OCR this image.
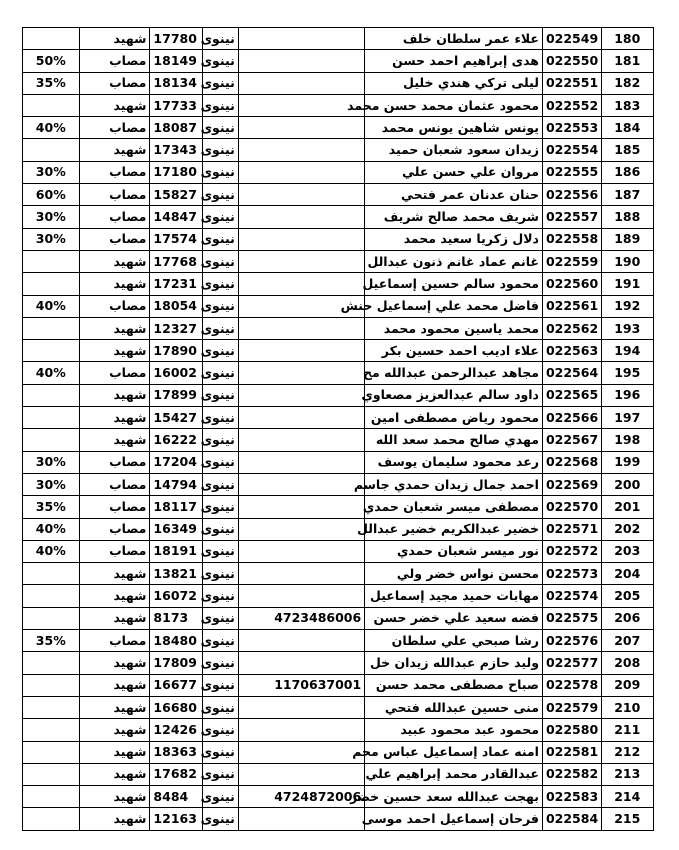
	شهيد	17780	نينوى		علاء عمر سلطان خلف	022549	180
50%	مصاب	18149	نينوى		هدى إبراهيم احمد حسن	022550	181
35%	مصاب	18134	نينوى		ليلى تركي هندي خليل	022551	182
	شهيد	17733	نينوى		محمود عثمان محمد حسن محمد	022552	183
40%	مصاب	18087	نينوى		يونس شاهين يونس محمد	022553	184
	شهيد	17343	نينوى		زيدان سعود شعبان حميد	022554	185
30%	مصاب	17180	نينوى		مروان علي حسن علي	022555	186
60%	مصاب	15827	نينوى		حنان عدنان عمر فتحي	022556	187
30%	مصاب	14847	نينوى		شريف محمد صالح شريف	022557	188
30%	مصاب	17574	نينوى		دلال زكريا سعيد محمد	022558	189
	شهيد	17768	نينوى		غانم عماد غانم ذنون عبدالل	022559	190
	شهيد	17231	نينوى		محمود سالم حسين إسماعيل	022560	191
40%	مصاب	18054	نينوى		فاضل محمد علي إسماعيل حنش	022561	192
	شهيد	12327	نينوى		محمد ياسين محمود محمد	022562	193
	شهيد	17890	نينوى		علاء اديب احمد حسين بكر	022563	194
40%	مصاب	16002	نينوى		مجاهد عبدالرحمن عبدالله مح	022564	195
	شهيد	17899	نينوى		داود سالم عبدالعزيز مصعاوي	022565	196
	شهيد	15427	نينوى		محمود رياض مصطفى امين	022566	197
	شهيد	16222	نينوى		مهدي صالح محمد سعد الله	022567	198
30%	مصاب	17204	نينوى		رعد محمود سليمان يوسف	022568	199
30%	مصاب	14794	نينوى		احمد جمال زيدان حمدي جاسم	022569	200
35%	مصاب	18117	نينوى		مصطفى ميسر شعبان حمدي	022570	201
40%	مصاب	16349	نينوى		خضير عبدالكريم خضير عبدالل	022571	202
40%	مصاب	18191	نينوى		نور ميسر شعبان حمدي	022572	203
	شهيد	13821	نينوى		محسن نواس خضر ولي	022573	204
	شهيد	16072	نينوى		مهابات حميد مجيد إسماعيل	022574	205
	شهيد	8173	نينوى	4723486006	فضه سعيد علي خضر حسن	022575	206
35%	مصاب	18480	نينوى		رشا صبحي علي سلطان	022576	207
	شهيد	17809	نينوى		وليد حازم عبدالله زيدان خل	022577	208
	شهيد	16677	نينوى	1170637001	صباح مصطفى محمد حسن	022578	209
	شهيد	16680	نينوى		منى حسين عبدالله فتحي	022579	210
	شهيد	12426	نينوى		محمود عبد محمود عبيد	022580	211
	شهيد	18363	نينوى		امنه عماد إسماعيل عباس محم	022581	212
	شهيد	17682	نينوى		عبدالقادر محمد إبراهيم علي	022582	213
	شهيد	8484	نينوى	4724872006	بهجت عبدالله سعد حسين خضر	022583	214
	شهيد	12163	نينوى		فرحان إسماعيل احمد موسى	022584	215
